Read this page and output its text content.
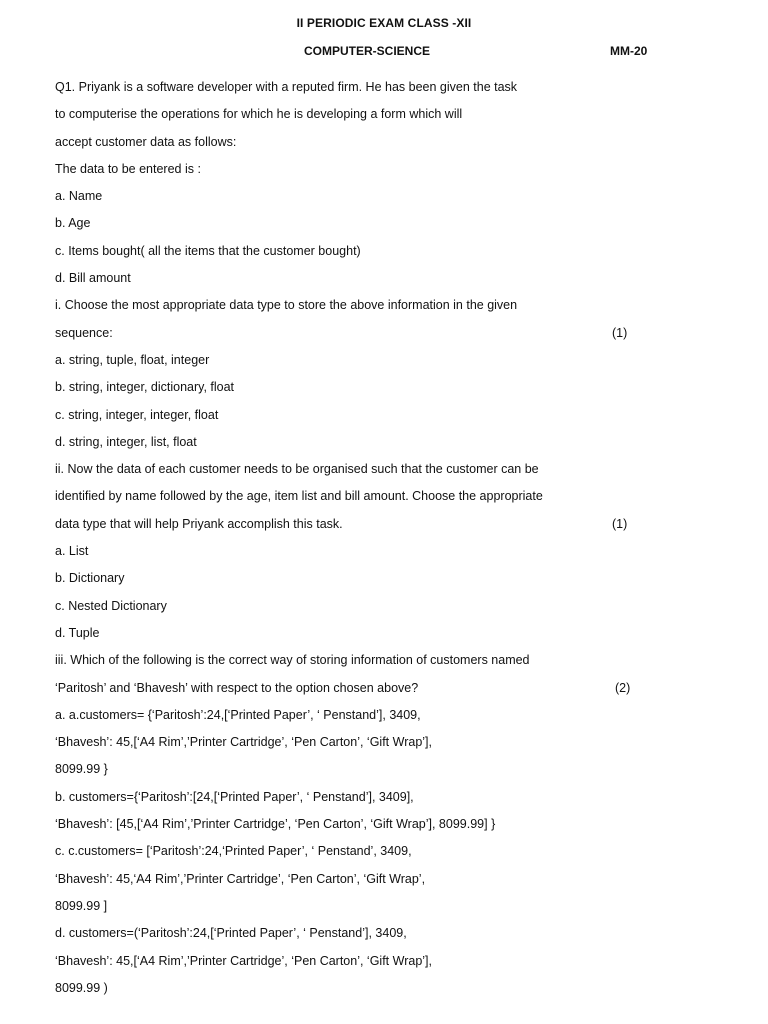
II PERIODIC EXAM CLASS -XII
COMPUTER-SCIENCE	MM-20
Q1. Priyank is a software developer with a reputed firm. He has been given the task
to computerise the operations for which he is developing a form which will
accept customer data as follows:
The data to be entered is :
a. Name
b. Age
c. Items bought( all the items that the customer bought)
d. Bill amount
i. Choose the most appropriate data type to store the above information in the given
sequence:	(1)
a. string, tuple, float, integer
b. string, integer, dictionary, float
c. string, integer, integer, float
d. string, integer, list, float
ii. Now the data of each customer needs to be organised such that the customer can be
identified by name followed by the age, item list and bill amount. Choose the appropriate
data type that will help Priyank accomplish this task.	(1)
a. List
b. Dictionary
c. Nested Dictionary
d. Tuple
iii. Which of the following is the correct way of storing information of customers named
‘Paritosh’ and ‘Bhavesh’ with respect to the option chosen above?	(2)
a. a.customers= {‘Paritosh’:24,[‘Printed Paper’, ‘ Penstand’], 3409,
‘Bhavesh’: 45,[‘A4 Rim’,’Printer Cartridge’, ‘Pen Carton’, ‘Gift Wrap’],
8099.99 }
b. customers={‘Paritosh’:[24,[‘Printed Paper’, ‘ Penstand’], 3409],
‘Bhavesh’: [45,[‘A4 Rim’,’Printer Cartridge’, ‘Pen Carton’, ‘Gift Wrap’], 8099.99] }
c. c.customers= [‘Paritosh’:24,‘Printed Paper’, ‘ Penstand’, 3409,
‘Bhavesh’: 45,‘A4 Rim’,’Printer Cartridge’, ‘Pen Carton’, ‘Gift Wrap’,
8099.99 ]
d. customers=(‘Paritosh’:24,[‘Printed Paper’, ‘ Penstand’], 3409,
‘Bhavesh’: 45,[‘A4 Rim’,’Printer Cartridge’, ‘Pen Carton’, ‘Gift Wrap’],
8099.99 )
